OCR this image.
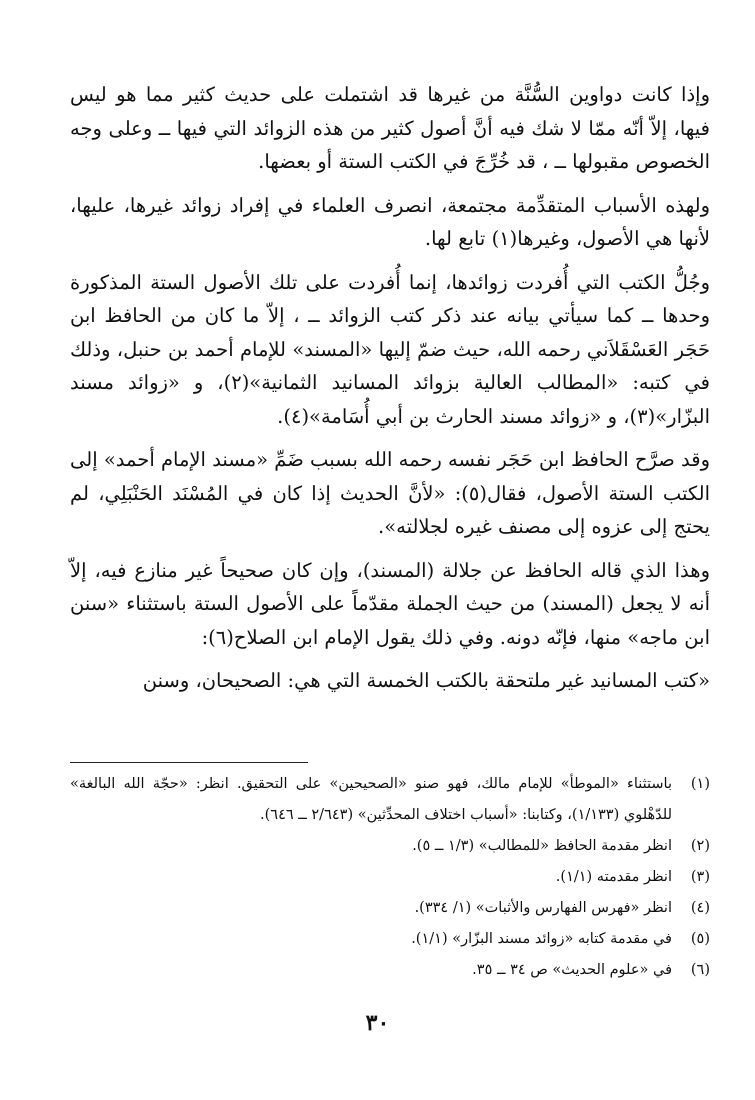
وإذا كانت دواوين السُّنَّة من غيرها قد اشتملت على حديث كثير مما هو ليس فيها، إلاّ أنّه ممّا لا شك فيه أنَّ أصول كثير من هذه الزوائد التي فيها ــ وعلى وجه الخصوص مقبولها ــ ، قد خُرِّجَ في الكتب الستة أو بعضها.

ولهذه الأسباب المتقدِّمة مجتمعة، انصرف العلماء في إفراد زوائد غيرها، عليها، لأنها هي الأصول، وغيرها(١) تابع لها.

وجُلُّ الكتب التي أُفردت زوائدها، إنما أُفردت على تلك الأصول الستة المذكورة وحدها ــ كما سيأتي بيانه عند ذكر كتب الزوائد ــ ، إلاّ ما كان من الحافظ ابن حَجَر العَسْقَلاَني رحمه الله، حيث ضمّ إليها «المسند» للإمام أحمد بن حنبل، وذلك في كتبه: «المطالب العالية بزوائد المسانيد الثمانية»(٢)، و «زوائد مسند البزّار»(٣)، و «زوائد مسند الحارث بن أبي أُسَامة»(٤).

وقد صرَّح الحافظ ابن حَجَر نفسه رحمه الله بسبب ضَمِّ «مسند الإمام أحمد» إلى الكتب الستة الأصول، فقال(٥): «لأنَّ الحديث إذا كان في المُسْنَد الحَنْبَلِي، لم يحتج إلى عزوه إلى مصنف غيره لجلالته».

وهذا الذي قاله الحافظ عن جلالة (المسند)، وإن كان صحيحاً غير منازع فيه، إلاّ أنه لا يجعل (المسند) من حيث الجملة مقدّماً على الأصول الستة باستثناء «سنن ابن ماجه» منها، فإنّه دونه. وفي ذلك يقول الإمام ابن الصلاح(٦):

«كتب المسانيد غير ملتحقة بالكتب الخمسة التي هي: الصحيحان، وسنن

(١)
باستثناء «الموطأ» للإمام مالك، فهو صنو «الصحيحين» على التحقيق. انظر: «حجّة الله البالغة» للدّهْلوي (١/١٣٣)، وكتابنا: «أسباب اختلاف المحدِّثين» (٢/٦٤٣ ــ ٦٤٦).
(٢)
انظر مقدمة الحافظ «للمطالب» (١/٣ ــ ٥).
(٣)
انظر مقدمته (١/١).
(٤)
انظر «فهرس الفهارس والأثبات» (١/ ٣٣٤).
(٥)
في مقدمة كتابه «زوائد مسند البزّار» (١/١).
(٦)
في «علوم الحديث» ص ٣٤ ــ ٣٥.
٣٠
